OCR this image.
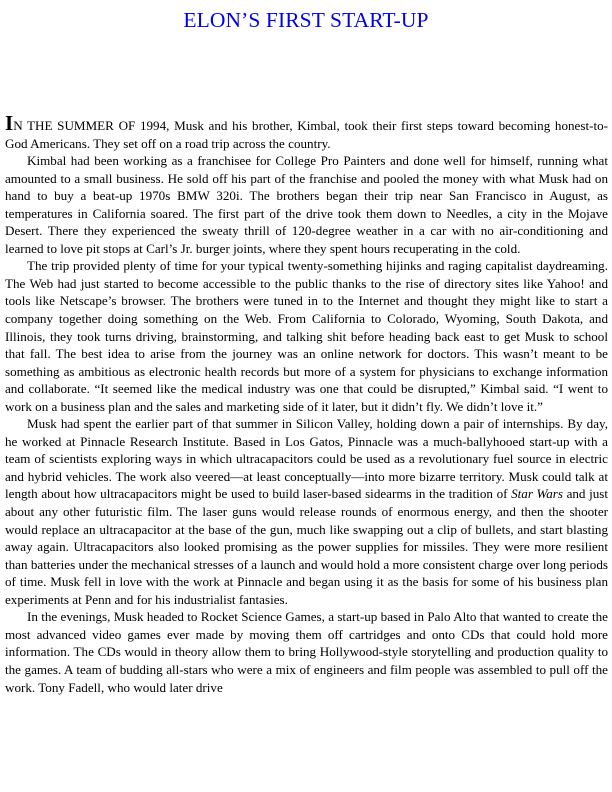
ELON’S FIRST START-UP

IN THE SUMMER OF 1994, Musk and his brother, Kimbal, took their first steps toward becoming honest-to-God Americans. They set off on a road trip across the country.

Kimbal had been working as a franchisee for College Pro Painters and done well for himself, running what amounted to a small business. He sold off his part of the franchise and pooled the money with what Musk had on hand to buy a beat-up 1970s BMW 320i. The brothers began their trip near San Francisco in August, as temperatures in California soared. The first part of the drive took them down to Needles, a city in the Mojave Desert. There they experienced the sweaty thrill of 120-degree weather in a car with no air-conditioning and learned to love pit stops at Carl’s Jr. burger joints, where they spent hours recuperating in the cold.

The trip provided plenty of time for your typical twenty-something hijinks and raging capitalist daydreaming. The Web had just started to become accessible to the public thanks to the rise of directory sites like Yahoo! and tools like Netscape’s browser. The brothers were tuned in to the Internet and thought they might like to start a company together doing something on the Web. From California to Colorado, Wyoming, South Dakota, and Illinois, they took turns driving, brainstorming, and talking shit before heading back east to get Musk to school that fall. The best idea to arise from the journey was an online network for doctors. This wasn’t meant to be something as ambitious as electronic health records but more of a system for physicians to exchange information and collaborate. “It seemed like the medical industry was one that could be disrupted,” Kimbal said. “I went to work on a business plan and the sales and marketing side of it later, but it didn’t fly. We didn’t love it.”

Musk had spent the earlier part of that summer in Silicon Valley, holding down a pair of internships. By day, he worked at Pinnacle Research Institute. Based in Los Gatos, Pinnacle was a much-ballyhooed start-up with a team of scientists exploring ways in which ultracapacitors could be used as a revolutionary fuel source in electric and hybrid vehicles. The work also veered—at least conceptually—into more bizarre territory. Musk could talk at length about how ultracapacitors might be used to build laser-based sidearms in the tradition of Star Wars and just about any other futuristic film. The laser guns would release rounds of enormous energy, and then the shooter would replace an ultracapacitor at the base of the gun, much like swapping out a clip of bullets, and start blasting away again. Ultracapacitors also looked promising as the power supplies for missiles. They were more resilient than batteries under the mechanical stresses of a launch and would hold a more consistent charge over long periods of time. Musk fell in love with the work at Pinnacle and began using it as the basis for some of his business plan experiments at Penn and for his industrialist fantasies.

In the evenings, Musk headed to Rocket Science Games, a start-up based in Palo Alto that wanted to create the most advanced video games ever made by moving them off cartridges and onto CDs that could hold more information. The CDs would in theory allow them to bring Hollywood-style storytelling and production quality to the games. A team of budding all-stars who were a mix of engineers and film people was assembled to pull off the work. Tony Fadell, who would later drive
